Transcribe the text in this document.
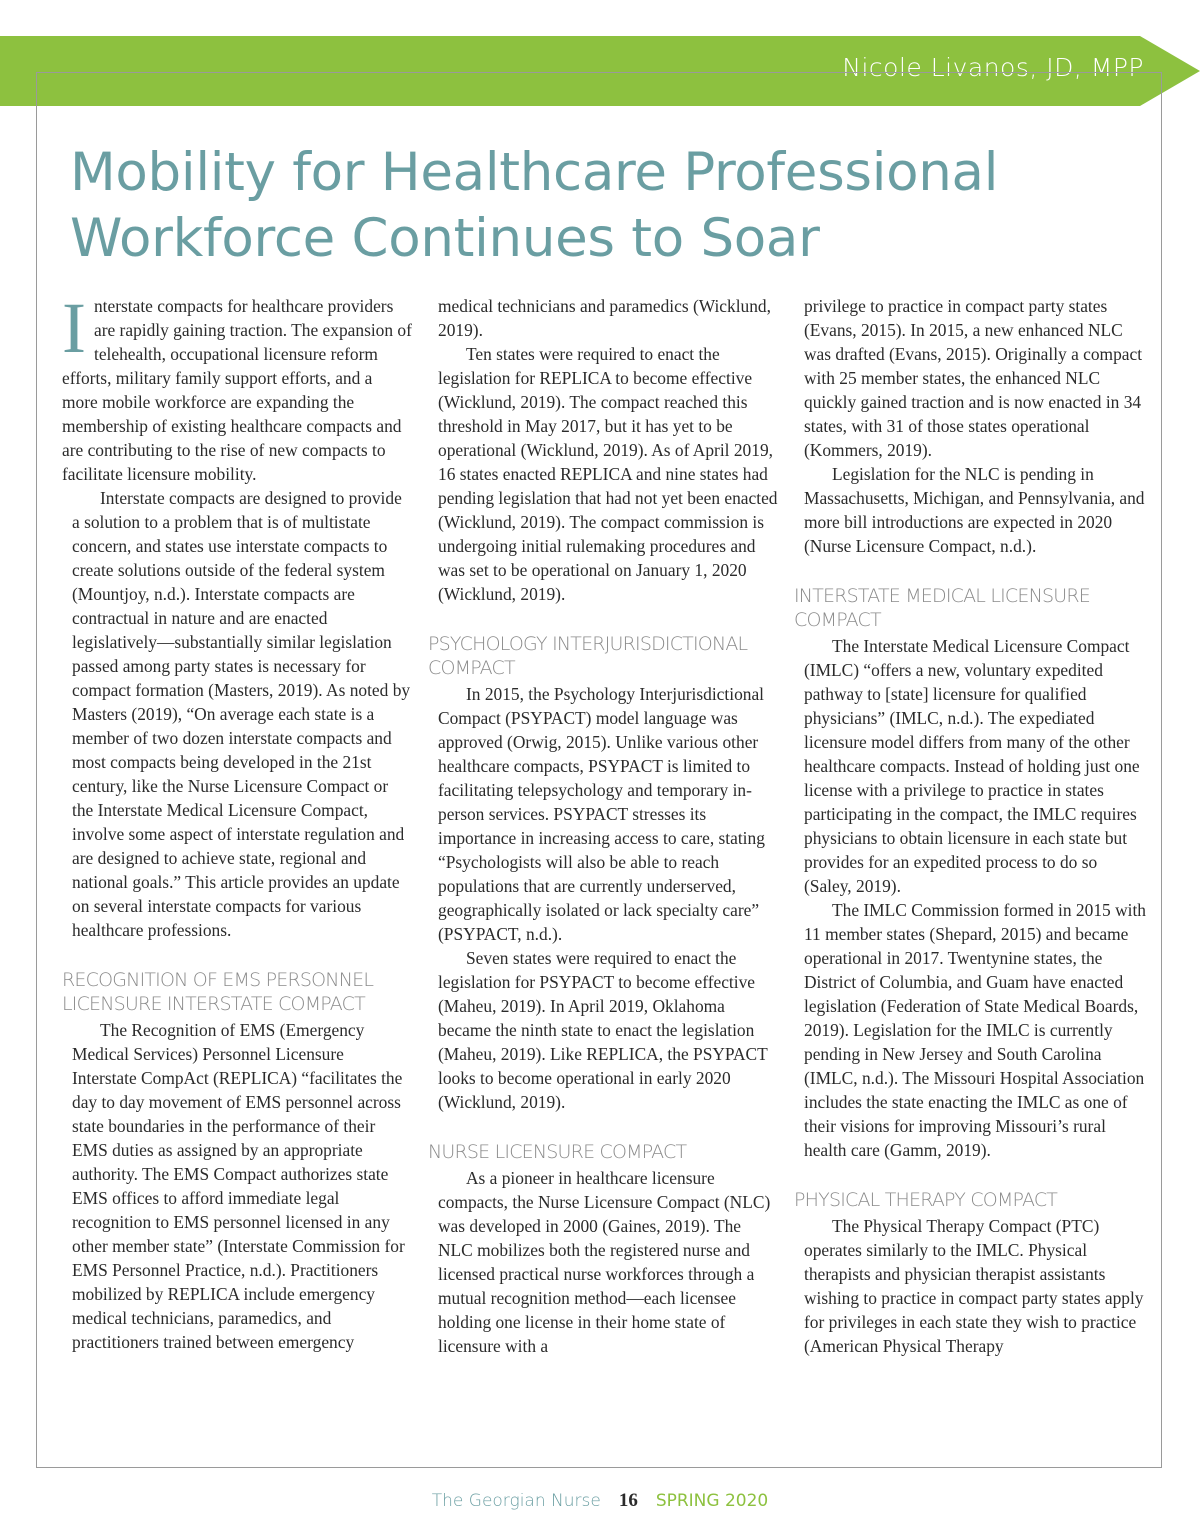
Nicole Livanos, JD, MPP
Mobility for Healthcare Professional
Workforce Continues to Soar

Interstate compacts for healthcare providers are rapidly gaining traction. The expansion of telehealth, occupational licensure reform efforts, military family support efforts, and a more mobile workforce are expanding the membership of existing healthcare compacts and are contributing to the rise of new compacts to facilitate licensure mobility.

Interstate compacts are designed to provide a solution to a problem that is of multistate concern, and states use interstate compacts to create solutions outside of the federal system (Mountjoy, n.d.). Interstate compacts are contractual in nature and are enacted legislatively—substantially similar legislation passed among party states is necessary for compact formation (Masters, 2019). As noted by Masters (2019), “On average each state is a member of two dozen interstate compacts and most compacts being developed in the 21st century, like the Nurse Licensure Compact or the Interstate Medical Licensure Compact, involve some aspect of interstate regulation and are designed to achieve state, regional and national goals.” This article provides an update on several interstate compacts for various healthcare professions.

RECOGNITION OF EMS PERSONNEL LICENSURE INTERSTATE COMPACT

The Recognition of EMS (Emergency Medical Services) Personnel Licensure Interstate CompAct (REPLICA) “facilitates the day to day movement of EMS personnel across state boundaries in the performance of their EMS duties as assigned by an appropriate authority. The EMS Compact authorizes state EMS offices to afford immediate legal recognition to EMS personnel licensed in any other member state” (Interstate Commission for EMS Personnel Practice, n.d.). Practitioners mobilized by REPLICA include emergency medical technicians, paramedics, and practitioners trained between emergency

medical technicians and paramedics (Wicklund, 2019).

Ten states were required to enact the legislation for REPLICA to become effective (Wicklund, 2019). The compact reached this threshold in May 2017, but it has yet to be operational (Wicklund, 2019). As of April 2019, 16 states enacted REPLICA and nine states had pending legislation that had not yet been enacted (Wicklund, 2019). The compact commission is undergoing initial rulemaking procedures and was set to be operational on January 1, 2020 (Wicklund, 2019).

PSYCHOLOGY INTERJURISDICTIONAL COMPACT

In 2015, the Psychology Interjurisdictional Compact (PSYPACT) model language was approved (Orwig, 2015). Unlike various other healthcare compacts, PSYPACT is limited to facilitating telepsychology and temporary in-person services. PSYPACT stresses its importance in increasing access to care, stating “Psychologists will also be able to reach populations that are currently underserved, geographically isolated or lack specialty care” (PSYPACT, n.d.).

Seven states were required to enact the legislation for PSYPACT to become effective (Maheu, 2019). In April 2019, Oklahoma became the ninth state to enact the legislation (Maheu, 2019). Like REPLICA, the PSYPACT looks to become operational in early 2020 (Wicklund, 2019).

NURSE LICENSURE COMPACT

As a pioneer in healthcare licensure compacts, the Nurse Licensure Compact (NLC) was developed in 2000 (Gaines, 2019). The NLC mobilizes both the registered nurse and licensed practical nurse workforces through a mutual recognition method—each licensee holding one license in their home state of licensure with a

privilege to practice in compact party states (Evans, 2015). In 2015, a new enhanced NLC was drafted (Evans, 2015). Originally a compact with 25 member states, the enhanced NLC quickly gained traction and is now enacted in 34 states, with 31 of those states operational (Kommers, 2019).

Legislation for the NLC is pending in Massachusetts, Michigan, and Pennsylvania, and more bill introductions are expected in 2020 (Nurse Licensure Compact, n.d.).

INTERSTATE MEDICAL LICENSURE COMPACT

The Interstate Medical Licensure Compact (IMLC) “offers a new, voluntary expedited pathway to [state] licensure for qualified physicians” (IMLC, n.d.). The expediated licensure model differs from many of the other healthcare compacts. Instead of holding just one license with a privilege to practice in states participating in the compact, the IMLC requires physicians to obtain licensure in each state but provides for an expedited process to do so (Saley, 2019).

The IMLC Commission formed in 2015 with 11 member states (Shepard, 2015) and became operational in 2017. Twentynine states, the District of Columbia, and Guam have enacted legislation (Federation of State Medical Boards, 2019). Legislation for the IMLC is currently pending in New Jersey and South Carolina (IMLC, n.d.). The Missouri Hospital Association includes the state enacting the IMLC as one of their visions for improving Missouri’s rural health care (Gamm, 2019).

PHYSICAL THERAPY COMPACT

The Physical Therapy Compact (PTC) operates similarly to the IMLC. Physical therapists and physician therapist assistants wishing to practice in compact party states apply for privileges in each state they wish to practice (American Physical Therapy

The Georgian Nurse 16 SPRING 2020
